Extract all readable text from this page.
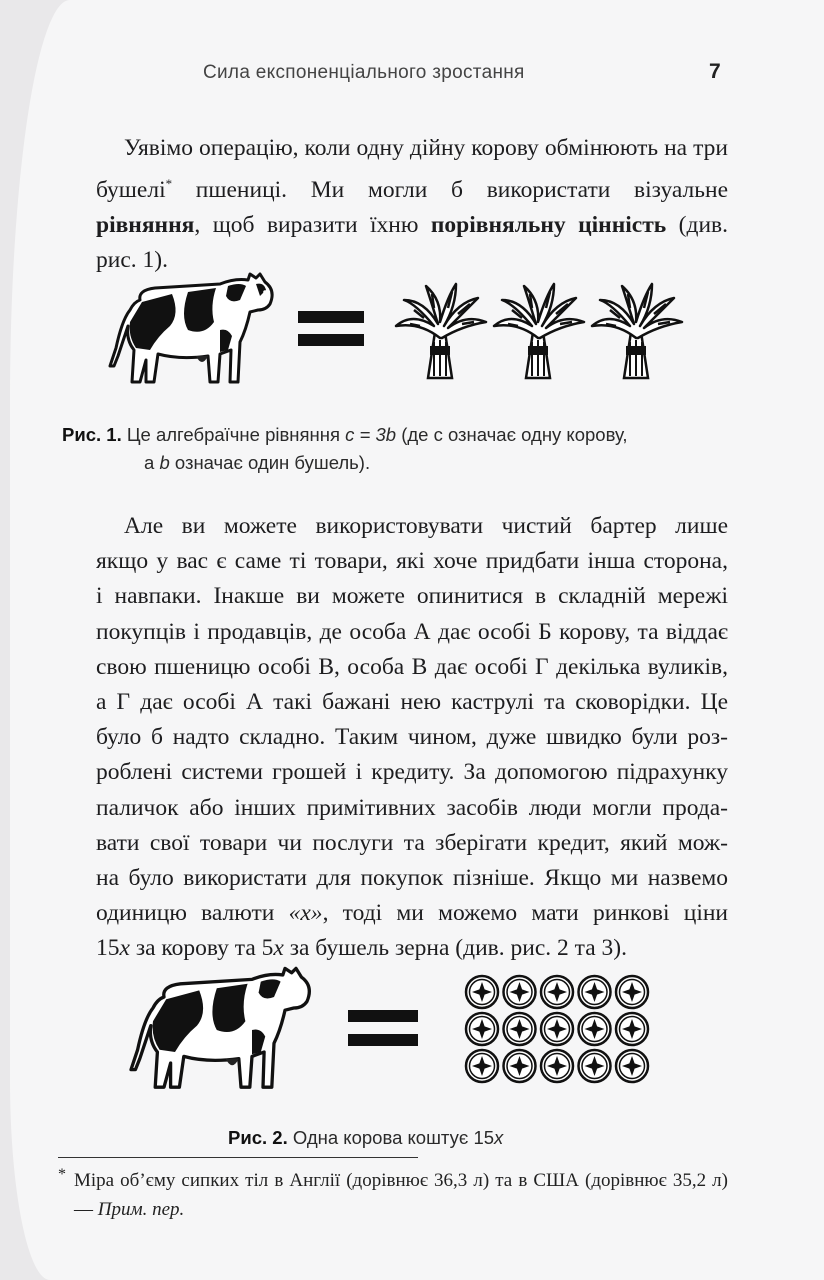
Сила експоненціального зростання	7

Уявімо операцію, коли одну дійну корову обмінюють на три бушелі* пшениці. Ми могли б використати візуальне рівняння, щоб виразити їхню порівняльну цінність (див. рис. 1).

Рис. 1. Це алгебраїчне рівняння c = 3b (де c означає одну корову,
а b означає один бушель).
Але ви можете використовувати чистий бартер лише
якщо у вас є саме ті товари, які хоче придбати інша сторона,
і навпаки. Інакше ви можете опинитися в складній мережі
покупців і продавців, де особа А дає особі Б корову, та віддає
свою пшеницю особі В, особа В дає особі Г декілька вуликів,
а Г дає особі А такі бажані нею каструлі та сковорідки. Це
було б надто складно. Таким чином, дуже швидко були роз-
роблені системи грошей і кредиту. За допомогою підрахунку
паличок або інших примітивних засобів люди могли прода-
вати свої товари чи послуги та зберігати кредит, який мож-
на було використати для покупок пізніше. Якщо ми назвемо
одиницю валюти «x», тоді ми можемо мати ринкові ціни
15x за корову та 5x за бушель зерна (див. рис. 2 та 3).
Рис. 2. Одна корова коштує 15x
* Міра об’єму сипких тіл в Англії (дорівнює 36,3 л) та в США (дорівнює 35,2 л) — Прим. пер.
